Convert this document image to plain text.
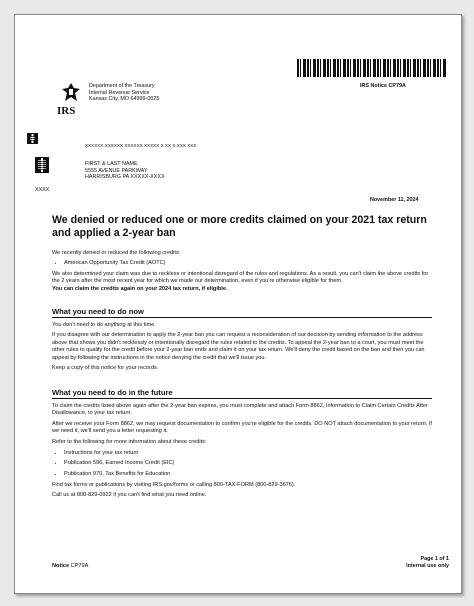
IRS Notice CP79A
IRS
Department of the Treasury
Internal Revenue Service
Kansas City, MO 64999-0025
XXXXXX.XXXXXX XXXXXX XXXXX X XX X.XXX XXX
FIRST & LAST NAME
5555 AVENUE PARKWAY
HARRISBURG PA XXXXX-XXXX
XXXX
November 11, 2024
We denied or reduced one or more credits claimed on your 2021 tax return and applied a 2-year ban
We recently denied or reduced the following credits:
• American Opportunity Tax Credit (AOTC)
We also determined your claim was due to reckless or intentional disregard of the rules and regulations. As a result, you can't claim the above credits for the 2 years after the most recent year for which we made our determination, even if you're otherwise eligible for them.
You can claim the credits again on your 2024 tax return, if eligible.
What you need to do now
You don't need to do anything at this time.
If you disagree with our determination to apply the 2-year ban you can request a reconsideration of our decision by sending information to the address above that shows you didn't recklessly or intentionally disregard the rules related to the credits. To appeal the 2-year ban to a court, you must meet the other rules to qualify for the credit before your 2-year ban ends and claim it on your tax return. We'll deny the credit based on the ban and then you can appeal by following the instructions in the notice denying the credit that we'll issue you.
Keep a copy of this notice for your records.
What you need to do in the future
To claim the credits listed above again after the 2-year ban expires, you must complete and attach Form 8862, Information to Claim Certain Credits After Disallowance, to your tax return.
After we receive your Form 8862, we may request documentation to confirm you're eligible for the credits. DO NOT attach documentation to your return. If we need it, we'll send you a letter requesting it.
Refer to the following for more information about these credits:
• Instructions for your tax return
• Publication 596, Earned Income Credit (EIC)
• Publication 970, Tax Benefits for Education
Find tax forms or publications by visiting IRS.gov/forms or calling 800-TAX-FORM (800-829-3676).
Call us at 800-829-0922 if you can't find what you need online.
Notice CP79A
Page 1 of 1
Internal use only
